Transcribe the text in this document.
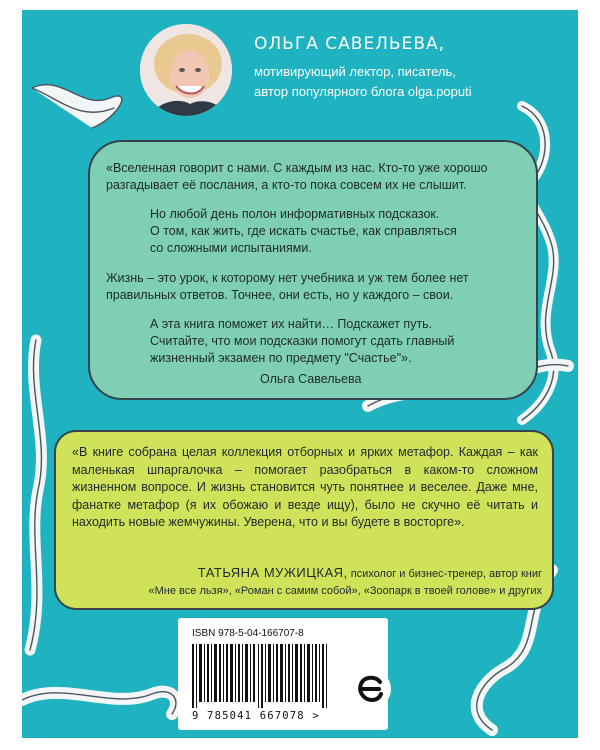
ОЛЬГА САВЕЛЬЕВА,
мотивирующий лектор, писатель,
автор популярного блога olga.poputi
«Вселенная говорит с нами. С каждым из нас. Кто-то уже хорошо
разгадывает её послания, а кто-то пока совсем их не слышит.
Но любой день полон информативных подсказок.
О том, как жить, где искать счастье, как справляться
со сложными испытаниями.
Жизнь – это урок, к которому нет учебника и уж тем более нет
правильных ответов. Точнее, они есть, но у каждого – свои.
А эта книга поможет их найти… Подскажет путь.
Считайте, что мои подсказки помогут сдать главный
жизненный экзамен по предмету "Счастье"».
Ольга Савельева
«В книге собрана целая коллекция отборных и ярких метафор. Каждая – как маленькая шпаргалочка – помогает разобраться в каком-то сложном жизненном вопросе. И жизнь становится чуть понятнее и веселее. Даже мне, фанатке метафор (я их обожаю и везде ищу), было не скучно её читать и находить новые жемчужины. Уверена, что и вы будете в восторге».
ТАТЬЯНА МУЖИЦКАЯ, психолог и бизнес-тренер, автор книг
«Мне все льзя», «Роман с самим собой», «Зоопарк в твоей голове» и других
ISBN 978-5-04-166707-8
9 785041 667078 >
